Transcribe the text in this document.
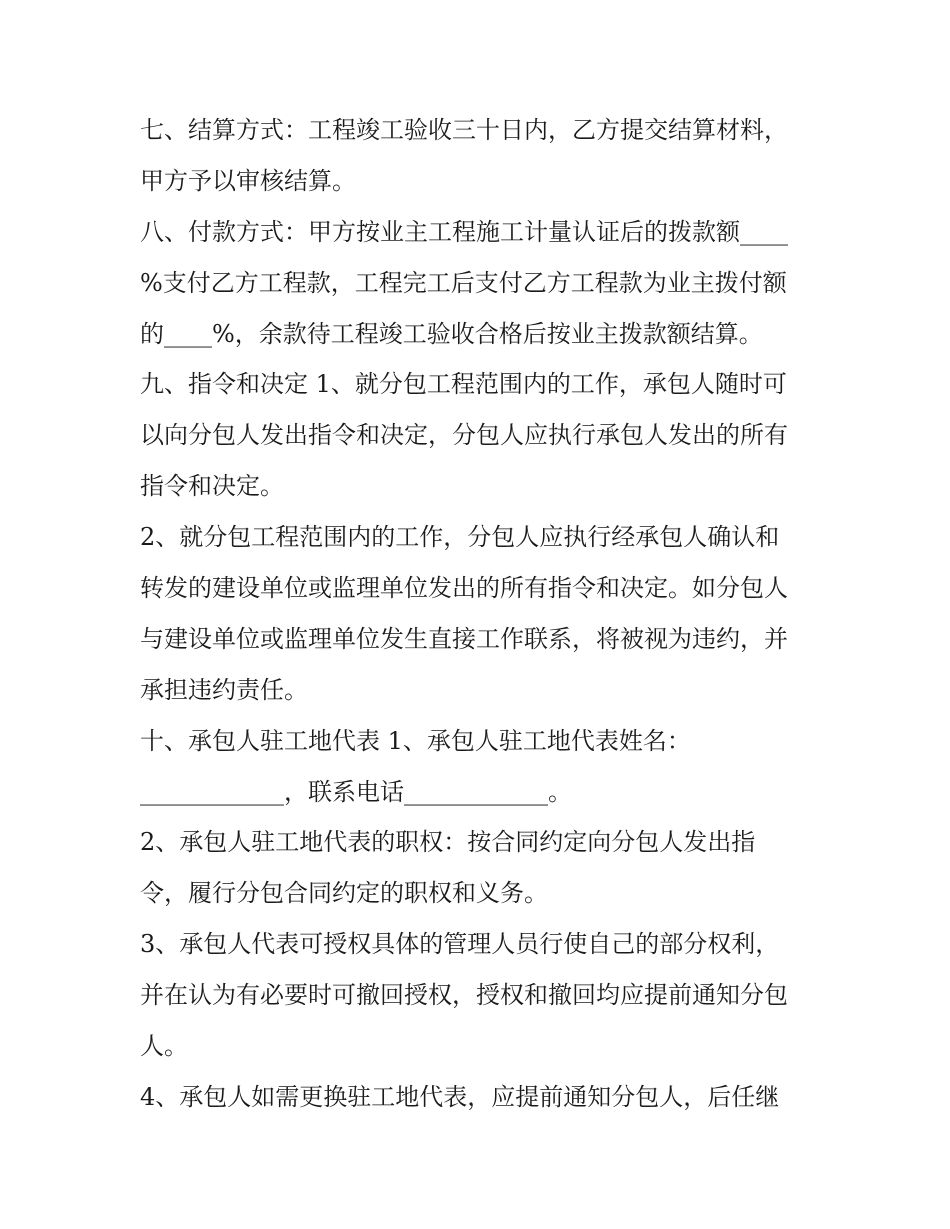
七、结算方式：工程竣工验收三十日内，乙方提交结算材料，
甲方予以审核结算。
八、付款方式：甲方按业主工程施工计量认证后的拨款额____
%支付乙方工程款，工程完工后支付乙方工程款为业主拨付额
的____%，余款待工程竣工验收合格后按业主拨款额结算。
九、指令和决定 1、就分包工程范围内的工作，承包人随时可
以向分包人发出指令和决定，分包人应执行承包人发出的所有
指令和决定。
2、就分包工程范围内的工作，分包人应执行经承包人确认和
转发的建设单位或监理单位发出的所有指令和决定。如分包人
与建设单位或监理单位发生直接工作联系，将被视为违约，并
承担违约责任。
十、承包人驻工地代表 1、承包人驻工地代表姓名：
____________，联系电话____________。
2、承包人驻工地代表的职权：按合同约定向分包人发出指
令，履行分包合同约定的职权和义务。
3、承包人代表可授权具体的管理人员行使自己的部分权利，
并在认为有必要时可撤回授权，授权和撤回均应提前通知分包
人。
4、承包人如需更换驻工地代表，应提前通知分包人，后任继
